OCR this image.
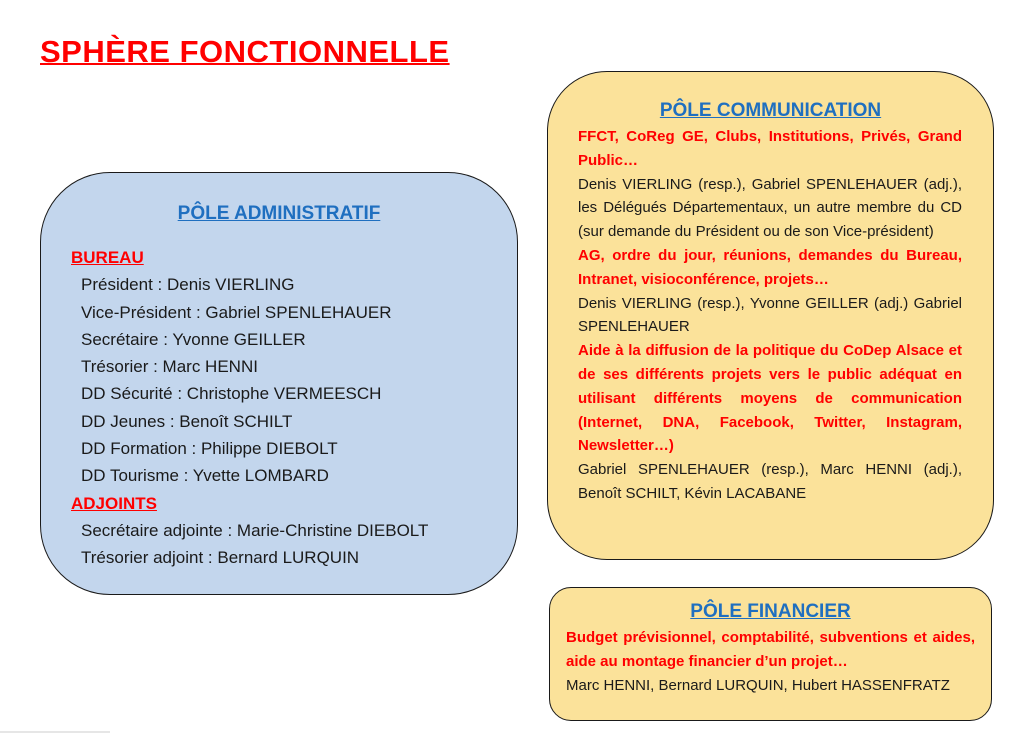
SPHÈRE FONCTIONNELLE
PÔLE ADMINISTRATIF
BUREAU
Président : Denis VIERLING
Vice-Président : Gabriel SPENLEHAUER
Secrétaire : Yvonne GEILLER
Trésorier : Marc HENNI
DD Sécurité : Christophe VERMEESCH
DD Jeunes : Benoît SCHILT
DD Formation : Philippe DIEBOLT
DD Tourisme : Yvette LOMBARD
ADJOINTS
Secrétaire adjointe : Marie-Christine DIEBOLT
Trésorier adjoint : Bernard LURQUIN
PÔLE COMMUNICATION
FFCT, CoReg GE, Clubs, Institutions, Privés, Grand Public…
Denis VIERLING (resp.), Gabriel SPENLEHAUER (adj.), les Délégués Départementaux, un autre membre du CD (sur demande du Président ou de son Vice-président)
AG, ordre du jour, réunions, demandes du Bureau, Intranet, visioconférence, projets…
Denis VIERLING (resp.), Yvonne GEILLER (adj.) Gabriel SPENLEHAUER
Aide à la diffusion de la politique du CoDep Alsace et de ses différents projets vers le public adéquat en utilisant différents moyens de communication (Internet, DNA, Facebook, Twitter, Instagram, Newsletter…)
Gabriel SPENLEHAUER (resp.), Marc HENNI (adj.), Benoît SCHILT, Kévin LACABANE
PÔLE FINANCIER
Budget prévisionnel, comptabilité, subventions et aides, aide au montage financier d’un projet…
Marc HENNI, Bernard LURQUIN, Hubert HASSENFRATZ
